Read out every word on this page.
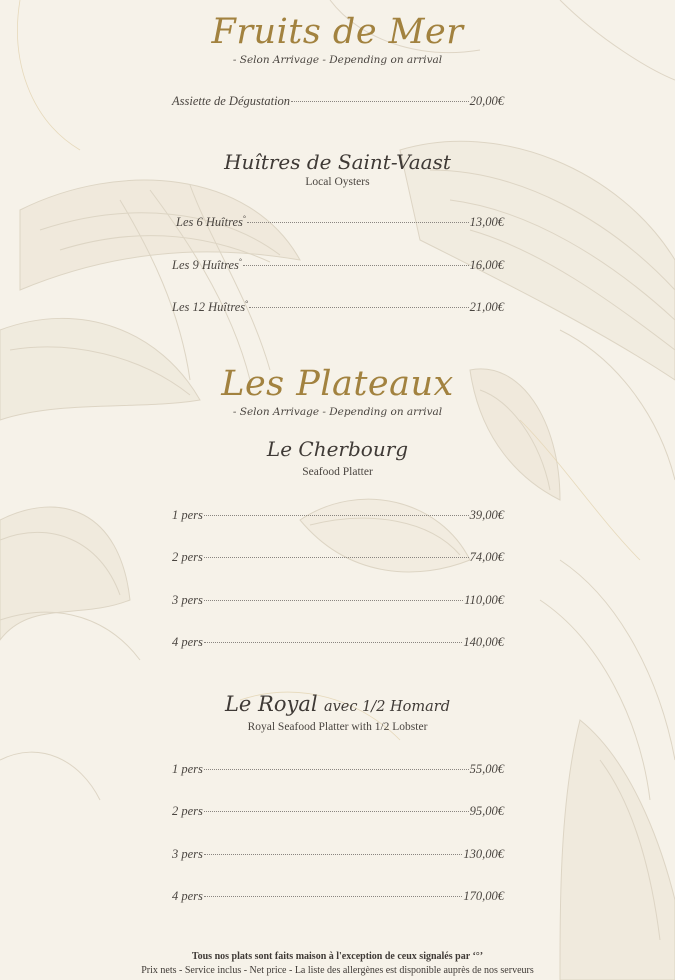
Fruits de Mer
- Selon Arrivage - Depending on arrival
Assiette de Dégustation	20,00€
Huîtres de Saint-Vaast
Local Oysters
Les 6 Huîtres°	13,00€
Les 9 Huîtres°	16,00€
Les 12 Huîtres°	21,00€
Les Plateaux
- Selon Arrivage - Depending on arrival
Le Cherbourg
Seafood Platter
1 pers	39,00€
2 pers	74,00€
3 pers	110,00€
4 pers	140,00€
Le Royal avec 1/2 Homard
Royal Seafood Platter with 1/2 Lobster
1 pers	55,00€
2 pers	95,00€
3 pers	130,00€
4 pers	170,00€
Tous nos plats sont faits maison à l'exception de ceux signalés par ‘°’
Prix nets - Service inclus - Net price - La liste des allergènes est disponible auprès de nos serveurs
